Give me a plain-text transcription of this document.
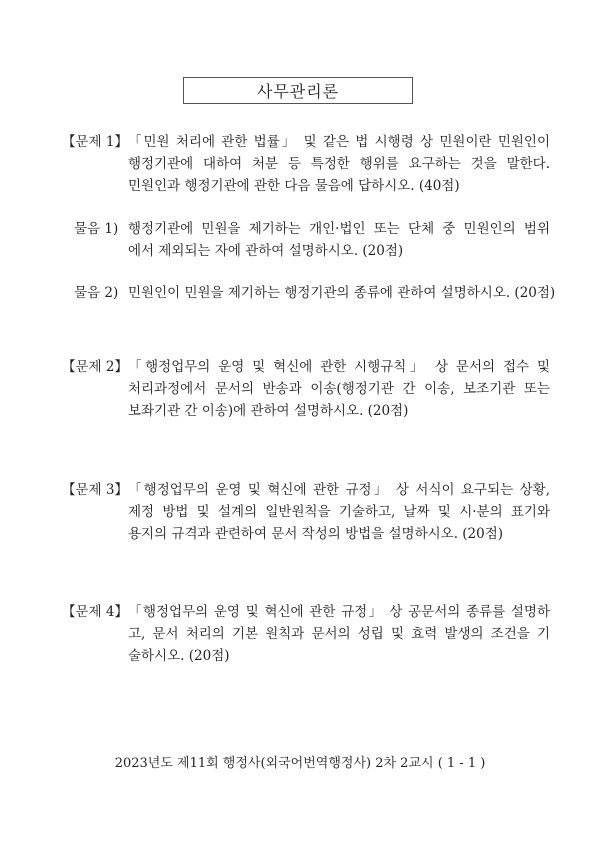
사무관리론
【문제 1】 「민원 처리에 관한 법률」 및 같은 법 시행령 상 민원이란 민원인이
행정기관에 대하여 처분 등 특정한 행위를 요구하는 것을 말한다.
민원인과 행정기관에 관한 다음 물음에 답하시오. (40점)
물음 1) 행정기관에 민원을 제기하는 개인·법인 또는 단체 중 민원인의 범위
에서 제외되는 자에 관하여 설명하시오. (20점)
물음 2) 민원인이 민원을 제기하는 행정기관의 종류에 관하여 설명하시오. (20점)
【문제 2】 「행정업무의 운영 및 혁신에 관한 시행규칙」 상 문서의 접수 및
처리과정에서 문서의 반송과 이송(행정기관 간 이송, 보조기관 또는
보좌기관 간 이송)에 관하여 설명하시오. (20점)
【문제 3】 「행정업무의 운영 및 혁신에 관한 규정」 상 서식이 요구되는 상황,
제정 방법 및 설계의 일반원칙을 기술하고, 날짜 및 시·분의 표기와
용지의 규격과 관련하여 문서 작성의 방법을 설명하시오. (20점)
【문제 4】 「행정업무의 운영 및 혁신에 관한 규정」 상 공문서의 종류를 설명하
고, 문서 처리의 기본 원칙과 문서의 성립 및 효력 발생의 조건을 기
술하시오. (20점)
2023년도 제11회 행정사(외국어번역행정사) 2차 2교시 ( 1 - 1 )
